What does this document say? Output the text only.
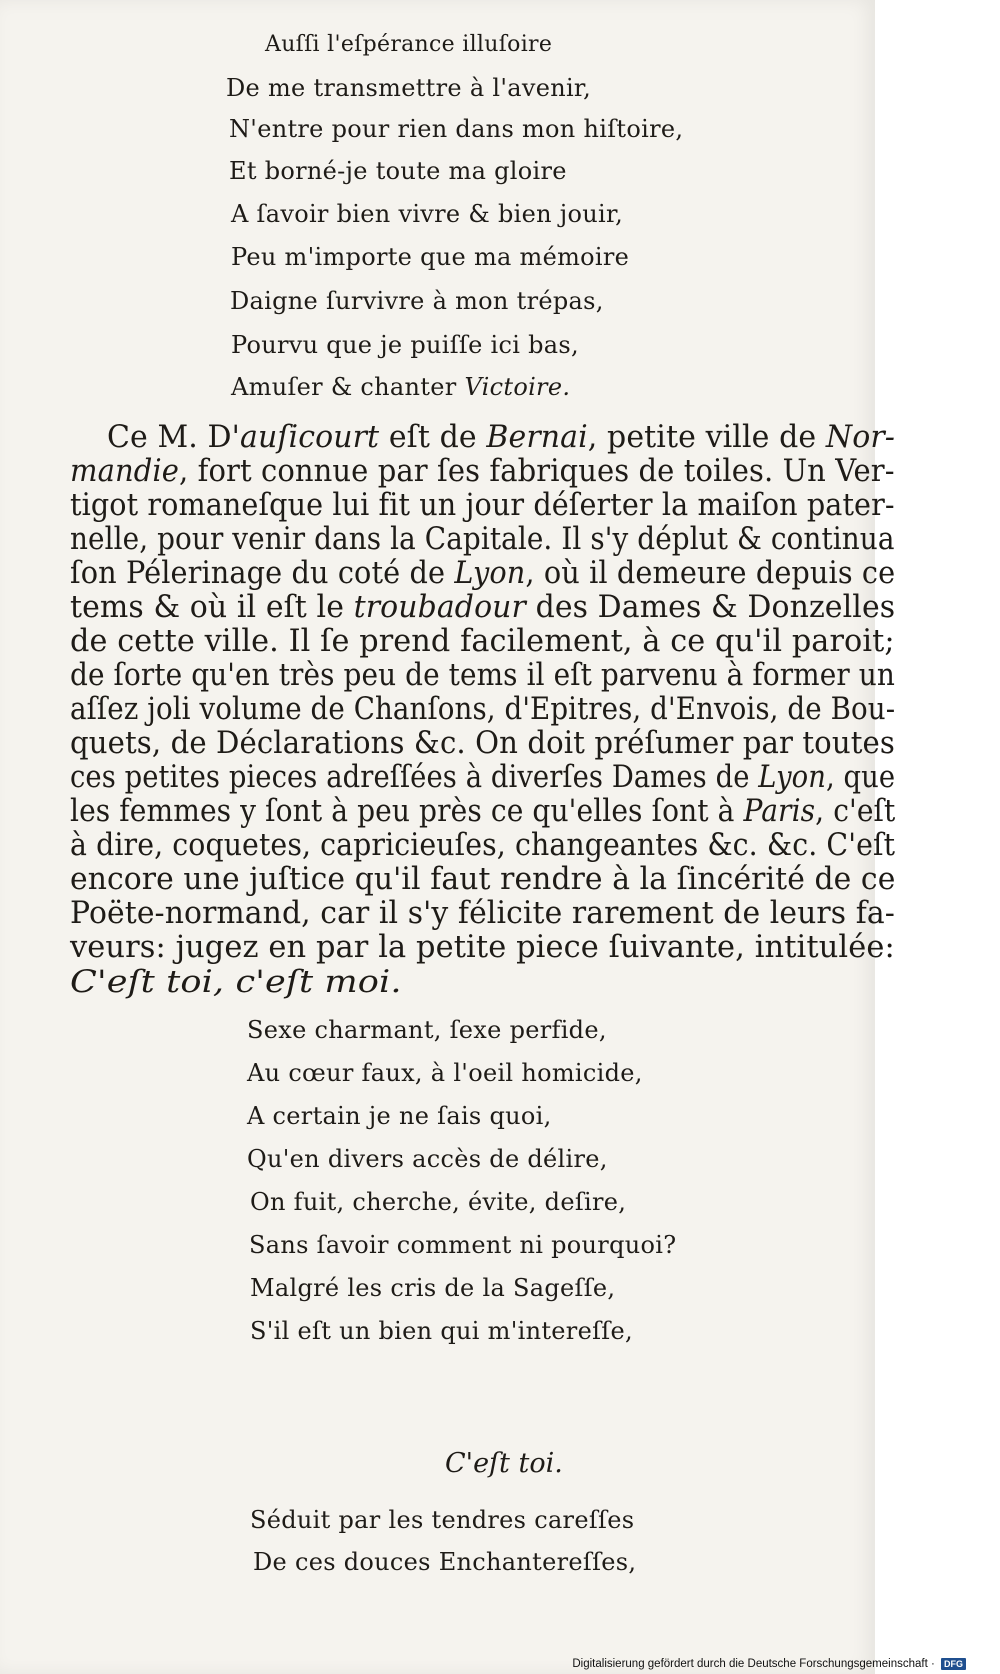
Auſſi l'eſpérance illuſoire
De me transmettre à l'avenir,
N'entre pour rien dans mon hiſtoire,
Et borné-je toute ma gloire
A ſavoir bien vivre & bien jouir,
Peu m'importe que ma mémoire
Daigne ſurvivre à mon trépas,
Pourvu que je puiſſe ici bas,
Amuſer & chanter Victoire.
Ce M. D'auſicourt eſt de Bernai, petite ville de Nor-
mandie, fort connue par ſes fabriques de toiles. Un Ver-
tigot romaneſque lui fit un jour déſerter la maiſon pater-
nelle, pour venir dans la Capitale. Il s'y déplut & continua
ſon Pélerinage du coté de Lyon, où il demeure depuis ce
tems & où il eſt le troubadour des Dames & Donzelles
de cette ville. Il ſe prend facilement, à ce qu'il paroit;
de ſorte qu'en très peu de tems il eſt parvenu à former un
aſſez joli volume de Chanſons, d'Epitres, d'Envois, de Bou-
quets, de Déclarations &c. On doit préſumer par toutes
ces petites pieces adreſſées à diverſes Dames de Lyon, que
les femmes y ſont à peu près ce qu'elles ſont à Paris, c'eſt
à dire, coquetes, capricieuſes, changeantes &c. &c. C'eſt
encore une juſtice qu'il faut rendre à la ſincérité de ce
Poëte-normand, car il s'y félicite rarement de leurs fa-
veurs: jugez en par la petite piece ſuivante, intitulée:
C'eſt toi, c'eſt moi.
Sexe charmant, ſexe perfide,
Au cœur faux, à l'oeil homicide,
A certain je ne ſais quoi,
Qu'en divers accès de délire,
On fuit, cherche, évite, deſire,
Sans ſavoir comment ni pourquoi?
Malgré les cris de la Sageſſe,
S'il eſt un bien qui m'intereſſe,
C'eſt toi.
Séduit par les tendres careſſes
De ces douces Enchantereſſes,
Digitalisierung gefördert durch die Deutsche Forschungsgemeinschaft · DFG
